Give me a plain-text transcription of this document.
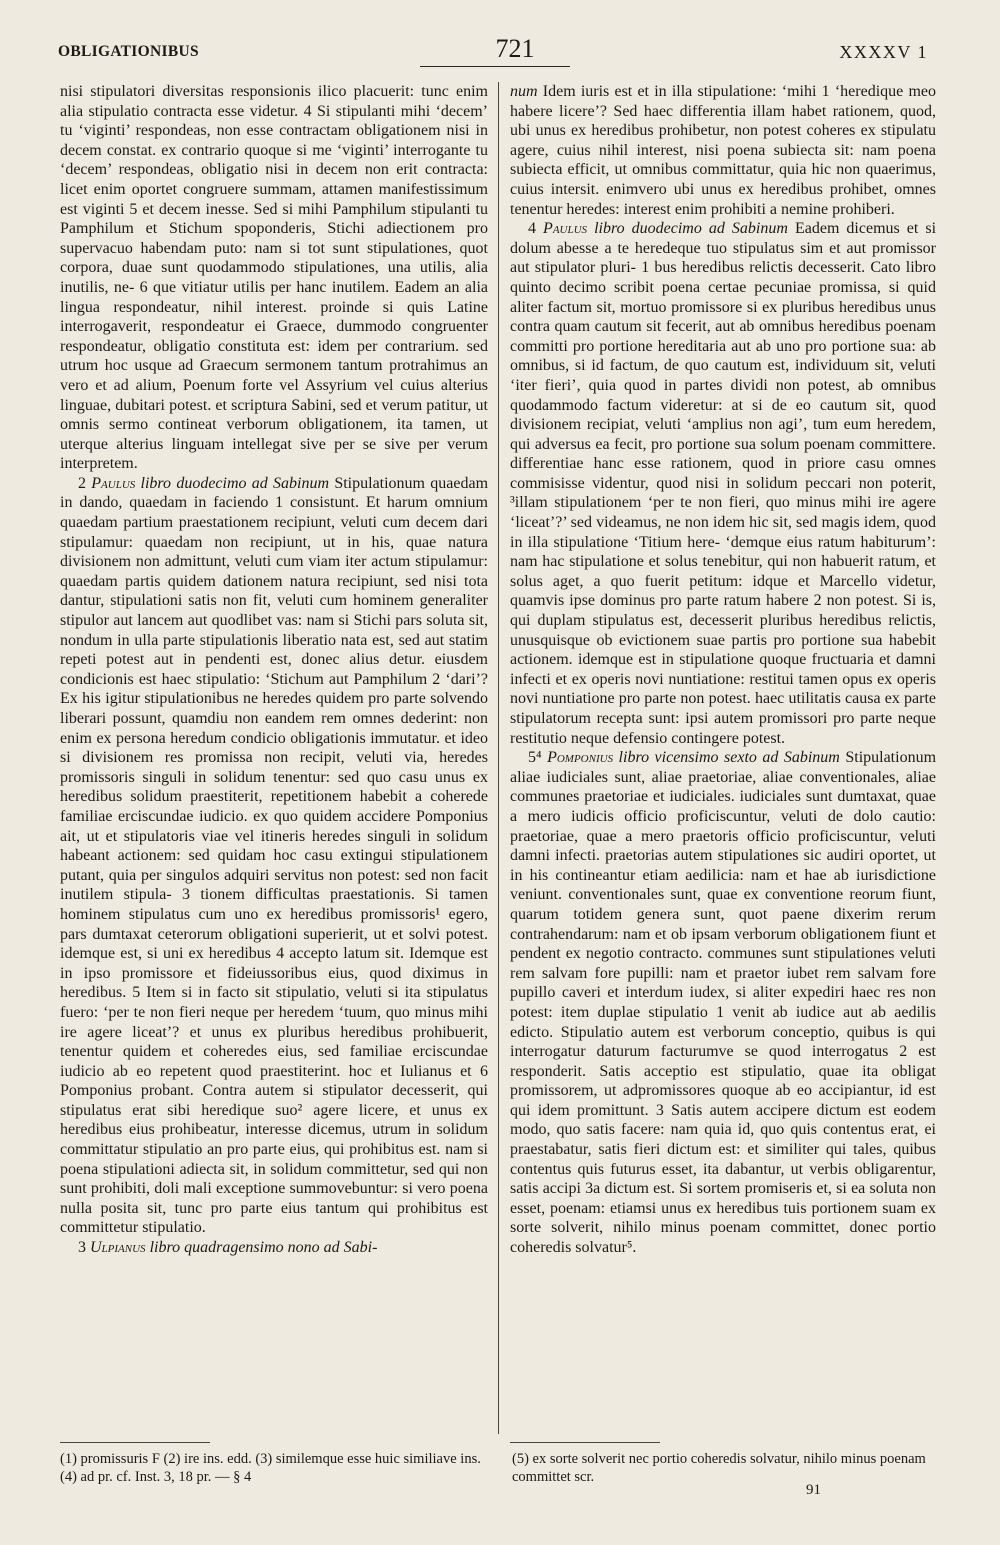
OBLIGATIONIBUS	721	XXXXV 1

nisi stipulatori diversitas responsionis ilico placuerit: tunc enim alia stipulatio contracta esse videtur. 4 Si stipulanti mihi ‘decem’ tu ‘viginti’ respondeas, non esse contractam obligationem nisi in decem constat. ex contrario quoque si me ‘viginti’ interrogante tu ‘decem’ respondeas, obligatio nisi in decem non erit contracta: licet enim oportet congruere summam, attamen manifestissimum est viginti 5 et decem inesse. Sed si mihi Pamphilum stipulanti tu Pamphilum et Stichum spoponderis, Stichi adiectionem pro supervacuo habendam puto: nam si tot sunt stipulationes, quot corpora, duae sunt quodammodo stipulationes, una utilis, alia inutilis, ne- 6 que vitiatur utilis per hanc inutilem. Eadem an alia lingua respondeatur, nihil interest. proinde si quis Latine interrogaverit, respondeatur ei Graece, dummodo congruenter respondeatur, obligatio constituta est: idem per contrarium. sed utrum hoc usque ad Graecum sermonem tantum protrahimus an vero et ad alium, Poenum forte vel Assyrium vel cuius alterius linguae, dubitari potest. et scriptura Sabini, sed et verum patitur, ut omnis sermo contineat verborum obligationem, ita tamen, ut uterque alterius linguam intellegat sive per se sive per verum interpretem.

2 Paulus libro duodecimo ad Sabinum Stipulationum quaedam in dando, quaedam in faciendo 1 consistunt. Et harum omnium quaedam partium praestationem recipiunt, veluti cum decem dari stipulamur: quaedam non recipiunt, ut in his, quae natura divisionem non admittunt, veluti cum viam iter actum stipulamur: quaedam partis quidem dationem natura recipiunt, sed nisi tota dantur, stipulationi satis non fit, veluti cum hominem generaliter stipulor aut lancem aut quodlibet vas: nam si Stichi pars soluta sit, nondum in ulla parte stipulationis liberatio nata est, sed aut statim repeti potest aut in pendenti est, donec alius detur. eiusdem condicionis est haec stipulatio: ‘Stichum aut Pamphilum 2 ‘dari’? Ex his igitur stipulationibus ne heredes quidem pro parte solvendo liberari possunt, quamdiu non eandem rem omnes dederint: non enim ex persona heredum condicio obligationis immutatur. et ideo si divisionem res promissa non recipit, veluti via, heredes promissoris singuli in solidum tenentur: sed quo casu unus ex heredibus solidum praestiterit, repetitionem habebit a coherede familiae erciscundae iudicio. ex quo quidem accidere Pomponius ait, ut et stipulatoris viae vel itineris heredes singuli in solidum habeant actionem: sed quidam hoc casu extingui stipulationem putant, quia per singulos adquiri servitus non potest: sed non facit inutilem stipula- 3 tionem difficultas praestationis. Si tamen hominem stipulatus cum uno ex heredibus promissoris¹ egero, pars dumtaxat ceterorum obligationi superierit, ut et solvi potest. idemque est, si uni ex heredibus 4 accepto latum sit. Idemque est in ipso promissore et fideiussoribus eius, quod diximus in heredibus. 5 Item si in facto sit stipulatio, veluti si ita stipulatus fuero: ‘per te non fieri neque per heredem ‘tuum, quo minus mihi ire agere liceat’? et unus ex pluribus heredibus prohibuerit, tenentur quidem et coheredes eius, sed familiae erciscundae iudicio ab eo repetent quod praestiterint. hoc et Iulianus et 6 Pomponius probant. Contra autem si stipulator decesserit, qui stipulatus erat sibi heredique suo² agere licere, et unus ex heredibus eius prohibeatur, interesse dicemus, utrum in solidum committatur stipulatio an pro parte eius, qui prohibitus est. nam si poena stipulationi adiecta sit, in solidum committetur, sed qui non sunt prohibiti, doli mali exceptione summovebuntur: si vero poena nulla posita sit, tunc pro parte eius tantum qui prohibitus est committetur stipulatio.

3 Ulpianus libro quadragensimo nono ad Sabi-

num Idem iuris est et in illa stipulatione: ‘mihi 1 ‘heredique meo habere licere’? Sed haec differentia illam habet rationem, quod, ubi unus ex heredibus prohibetur, non potest coheres ex stipulatu agere, cuius nihil interest, nisi poena subiecta sit: nam poena subiecta efficit, ut omnibus committatur, quia hic non quaerimus, cuius intersit. enimvero ubi unus ex heredibus prohibet, omnes tenentur heredes: interest enim prohibiti a nemine prohiberi.

4 Paulus libro duodecimo ad Sabinum Eadem dicemus et si dolum abesse a te heredeque tuo stipulatus sim et aut promissor aut stipulator pluri- 1 bus heredibus relictis decesserit. Cato libro quinto decimo scribit poena certae pecuniae promissa, si quid aliter factum sit, mortuo promissore si ex pluribus heredibus unus contra quam cautum sit fecerit, aut ab omnibus heredibus poenam committi pro portione hereditaria aut ab uno pro portione sua: ab omnibus, si id factum, de quo cautum est, individuum sit, veluti ‘iter fieri’, quia quod in partes dividi non potest, ab omnibus quodammodo factum videretur: at si de eo cautum sit, quod divisionem recipiat, veluti ‘amplius non agi’, tum eum heredem, qui adversus ea fecit, pro portione sua solum poenam committere. differentiae hanc esse rationem, quod in priore casu omnes commisisse videntur, quod nisi in solidum peccari non poterit, ³illam stipulationem ‘per te non fieri, quo minus mihi ire agere ‘liceat’?’ sed videamus, ne non idem hic sit, sed magis idem, quod in illa stipulatione ‘Titium here- ‘demque eius ratum habiturum’: nam hac stipulatione et solus tenebitur, qui non habuerit ratum, et solus aget, a quo fuerit petitum: idque et Marcello videtur, quamvis ipse dominus pro parte ratum habere 2 non potest. Si is, qui duplam stipulatus est, decesserit pluribus heredibus relictis, unusquisque ob evictionem suae partis pro portione sua habebit actionem. idemque est in stipulatione quoque fructuaria et damni infecti et ex operis novi nuntiatione: restitui tamen opus ex operis novi nuntiatione pro parte non potest. haec utilitatis causa ex parte stipulatorum recepta sunt: ipsi autem promissori pro parte neque restitutio neque defensio contingere potest.

5⁴ Pomponius libro vicensimo sexto ad Sabinum Stipulationum aliae iudiciales sunt, aliae praetoriae, aliae conventionales, aliae communes praetoriae et iudiciales. iudiciales sunt dumtaxat, quae a mero iudicis officio proficiscuntur, veluti de dolo cautio: praetoriae, quae a mero praetoris officio proficiscuntur, veluti damni infecti. praetorias autem stipulationes sic audiri oportet, ut in his contineantur etiam aedilicia: nam et hae ab iurisdictione veniunt. conventionales sunt, quae ex conventione reorum fiunt, quarum totidem genera sunt, quot paene dixerim rerum contrahendarum: nam et ob ipsam verborum obligationem fiunt et pendent ex negotio contracto. communes sunt stipulationes veluti rem salvam fore pupilli: nam et praetor iubet rem salvam fore pupillo caveri et interdum iudex, si aliter expediri haec res non potest: item duplae stipulatio 1 venit ab iudice aut ab aedilis edicto. Stipulatio autem est verborum conceptio, quibus is qui interrogatur daturum facturumve se quod interrogatus 2 est responderit. Satis acceptio est stipulatio, quae ita obligat promissorem, ut adpromissores quoque ab eo accipiantur, id est qui idem promittunt. 3 Satis autem accipere dictum est eodem modo, quo satis facere: nam quia id, quo quis contentus erat, ei praestabatur, satis fieri dictum est: et similiter qui tales, quibus contentus quis futurus esset, ita dabantur, ut verbis obligarentur, satis accipi 3a dictum est. Si sortem promiseris et, si ea soluta non esset, poenam: etiamsi unus ex heredibus tuis portionem suam ex sorte solverit, nihilo minus poenam committet, donec portio coheredis solvatur⁵.

(1) promissuris F (2) ire ins. edd. (3) similemque esse huic similiave ins. (4) ad pr. cf. Inst. 3, 18 pr. — § 4
(5) ex sorte solverit nec portio coheredis solvatur, nihilo minus poenam committet scr.
91
